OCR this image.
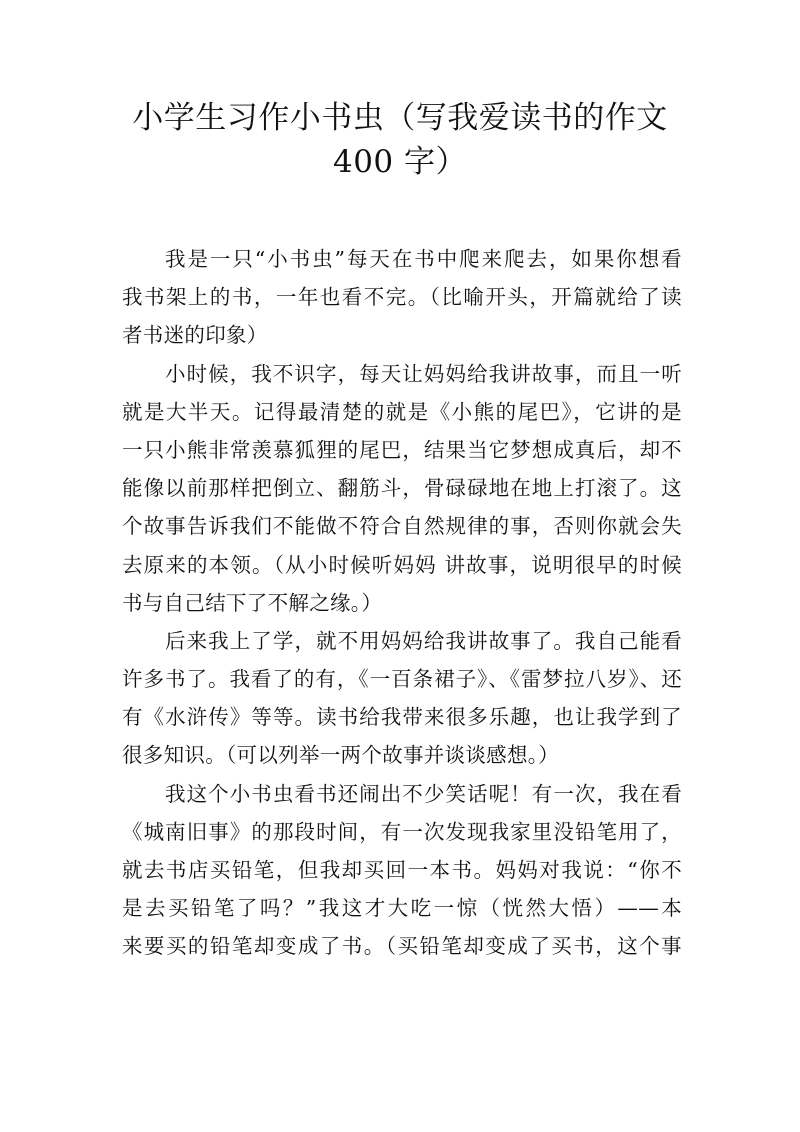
小学生习作小书虫（写我爱读书的作文
400 字）
我是一只“小书虫”每天在书中爬来爬去，如果你想看
我书架上的书，一年也看不完。（比喻开头，开篇就给了读
者书迷的印象）
小时候，我不识字，每天让妈妈给我讲故事，而且一听
就是大半天。记得最清楚的就是《小熊的尾巴》，它讲的是
一只小熊非常羡慕狐狸的尾巴，结果当它梦想成真后，却不
能像以前那样把倒立、翻筋斗，骨碌碌地在地上打滚了。这
个故事告诉我们不能做不符合自然规律的事，否则你就会失
去原来的本领。（从小时候听妈妈 讲故事，说明很早的时候
书与自己结下了不解之缘。）
后来我上了学，就不用妈妈给我讲故事了。我自己能看
许多书了。我看了的有，《一百条裙子》、《雷梦拉八岁》、还
有《水浒传》等等。读书给我带来很多乐趣，也让我学到了
很多知识。（可以列举一两个故事并谈谈感想。）
我这个小书虫看书还闹出不少笑话呢！有一次，我在看
《城南旧事》的那段时间，有一次发现我家里没铅笔用了，
就去书店买铅笔，但我却买回一本书。妈妈对我说：“你不
是去买铅笔了吗？”我这才大吃一惊（恍然大悟）——本
来要买的铅笔却变成了书。（买铅笔却变成了买书，这个事
